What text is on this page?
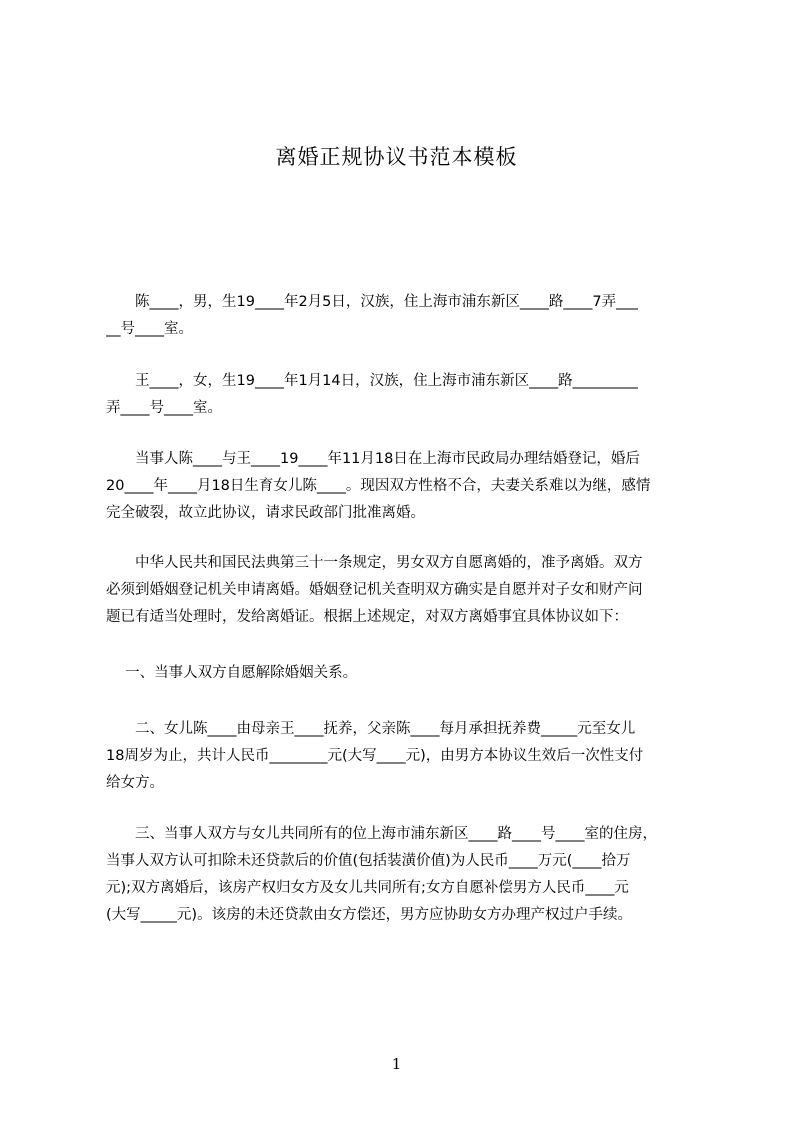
离婚正规协议书范本模板
　　陈____，男，生19____年2月5日，汉族，住上海市浦东新区____路____7弄___
__号____室。
　　王____，女，生19____年1月14日，汉族，住上海市浦东新区____路_________
弄____号____室。
　　当事人陈____与王____19____年11月18日在上海市民政局办理结婚登记，婚后
20____年____月18日生育女儿陈____。现因双方性格不合，夫妻关系难以为继，感情
完全破裂，故立此协议，请求民政部门批准离婚。
　　中华人民共和国民法典第三十一条规定，男女双方自愿离婚的，准予离婚。双方
必须到婚姻登记机关申请离婚。婚姻登记机关查明双方确实是自愿并对子女和财产问
题已有适当处理时，发给离婚证。根据上述规定，对双方离婚事宜具体协议如下：
　 一、当事人双方自愿解除婚姻关系。
　　二、女儿陈____由母亲王____抚养，父亲陈____每月承担抚养费_____元至女儿
18周岁为止，共计人民币________元(大写____元)，由男方本协议生效后一次性支付
给女方。
　　三、当事人双方与女儿共同所有的位上海市浦东新区____路____号____室的住房，
当事人双方认可扣除未还贷款后的价值(包括装潢价值)为人民币____万元(____拾万
元);双方离婚后，该房产权归女方及女儿共同所有;女方自愿补偿男方人民币____元
(大写_____元)。该房的未还贷款由女方偿还，男方应协助女方办理产权过户手续。
1
